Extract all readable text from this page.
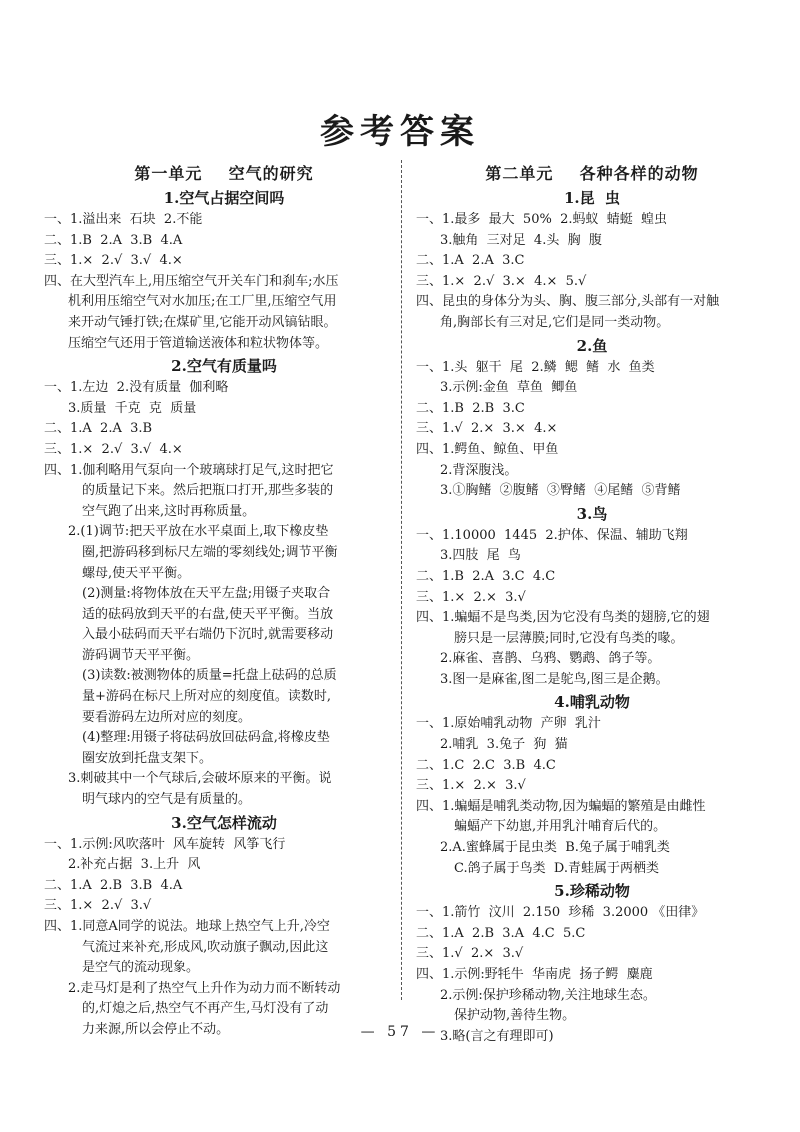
参考答案
第一单元    空气的研究
1.空气占据空间吗
一、1.溢出来  石块  2.不能
二、1.B  2.A  3.B  4.A
三、1.×  2.√  3.√  4.×
四、在大型汽车上,用压缩空气开关车门和刹车;水压
机利用压缩空气对水加压;在工厂里,压缩空气用
来开动气锤打铁;在煤矿里,它能开动风镐钻眼。
压缩空气还用于管道输送液体和粒状物体等。
2.空气有质量吗
一、1.左边  2.没有质量  伽利略
3.质量  千克  克  质量
二、1.A  2.A  3.B
三、1.×  2.√  3.√  4.×
四、1.伽利略用气泵向一个玻璃球打足气,这时把它
的质量记下来。然后把瓶口打开,那些多装的
空气跑了出来,这时再称质量。
2.(1)调节:把天平放在水平桌面上,取下橡皮垫
圈,把游码移到标尺左端的零刻线处;调节平衡
螺母,使天平平衡。
(2)测量:将物体放在天平左盘;用镊子夹取合
适的砝码放到天平的右盘,使天平平衡。当放
入最小砝码而天平右端仍下沉时,就需要移动
游码调节天平平衡。
(3)读数:被测物体的质量=托盘上砝码的总质
量+游码在标尺上所对应的刻度值。读数时,
要看游码左边所对应的刻度。
(4)整理:用镊子将砝码放回砝码盒,将橡皮垫
圈安放到托盘支架下。
3.刺破其中一个气球后,会破坏原来的平衡。说
明气球内的空气是有质量的。
3.空气怎样流动
一、1.示例:风吹落叶  风车旋转  风筝飞行
2.补充占据  3.上升  风
二、1.A  2.B  3.B  4.A
三、1.×  2.√  3.√
四、1.同意A同学的说法。地球上热空气上升,冷空
气流过来补充,形成风,吹动旗子飘动,因此这
是空气的流动现象。
2.走马灯是利了热空气上升作为动力而不断转动
的,灯熄之后,热空气不再产生,马灯没有了动
力来源,所以会停止不动。
第二单元    各种各样的动物
1.昆  虫
一、1.最多  最大  50%  2.蚂蚁  蜻蜓  蝗虫
3.触角  三对足  4.头  胸  腹
二、1.A  2.A  3.C
三、1.×  2.√  3.×  4.×  5.√
四、昆虫的身体分为头、胸、腹三部分,头部有一对触
角,胸部长有三对足,它们是同一类动物。
2.鱼
一、1.头  躯干  尾  2.鳞  鳃  鳍  水  鱼类
3.示例:金鱼  草鱼  鲫鱼
二、1.B  2.B  3.C
三、1.√  2.×  3.×  4.×
四、1.鳄鱼、鲸鱼、甲鱼
2.背深腹浅。
3.①胸鳍  ②腹鳍  ③臀鳍  ④尾鳍  ⑤背鳍
3.鸟
一、1.10000  1445  2.护体、保温、辅助飞翔
3.四肢  尾  鸟
二、1.B  2.A  3.C  4.C
三、1.×  2.×  3.√
四、1.蝙蝠不是鸟类,因为它没有鸟类的翅膀,它的翅
膀只是一层薄膜;同时,它没有鸟类的喙。
2.麻雀、喜鹊、乌鸦、鹦鹉、鸽子等。
3.图一是麻雀,图二是鸵鸟,图三是企鹅。
4.哺乳动物
一、1.原始哺乳动物  产卵  乳汁
2.哺乳  3.兔子  狗  猫
二、1.C  2.C  3.B  4.C
三、1.×  2.×  3.√
四、1.蝙蝠是哺乳类动物,因为蝙蝠的繁殖是由雌性
蝙蝠产下幼崽,并用乳汁哺育后代的。
2.A.蜜蜂属于昆虫类  B.兔子属于哺乳类
C.鸽子属于鸟类  D.青蛙属于两栖类
5.珍稀动物
一、1.箭竹  汶川  2.150  珍稀  3.2000 《田律》
二、1.A  2.B  3.A  4.C  5.C
三、1.√  2.×  3.√
四、1.示例:野牦牛  华南虎  扬子鳄  麋鹿
2.示例:保护珍稀动物,关注地球生态。
保护动物,善待生物。
3.略(言之有理即可)
— 57 —
